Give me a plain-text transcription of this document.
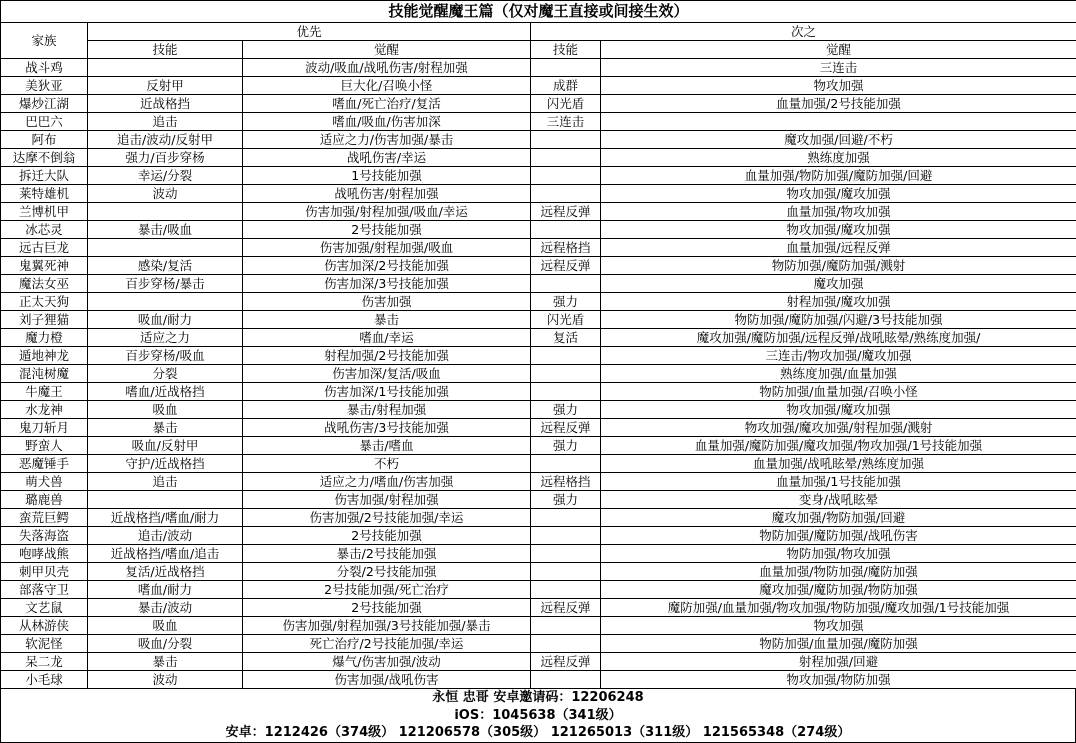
技能觉醒魔王篇（仅对魔王直接或间接生效）				
家族	优先		次之	
	技能	觉醒	技能	觉醒
战斗鸡		波动/吸血/战吼伤害/射程加强		三连击
美狄亚	反射甲	巨大化/召唤小怪	成群	物攻加强
爆炒江湖	近战格挡	嗜血/死亡治疗/复活	闪光盾	血量加强/2号技能加强
巴巴六	追击	嗜血/吸血/伤害加深	三连击	
阿布	追击/波动/反射甲	适应之力/伤害加强/暴击		魔攻加强/回避/不朽
达摩不倒翁	强力/百步穿杨	战吼伤害/幸运		熟练度加强
拆迁大队	幸运/分裂	1号技能加强		血量加强/物防加强/魔防加强/回避
莱特雄机	波动	战吼伤害/射程加强		物攻加强/魔攻加强
兰博机甲		伤害加强/射程加强/吸血/幸运	远程反弹	血量加强/物攻加强
冰芯灵	暴击/吸血	2号技能加强		物攻加强/魔攻加强
远古巨龙		伤害加强/射程加强/吸血	远程格挡	血量加强/远程反弹
鬼翼死神	感染/复活	伤害加深/2号技能加强	远程反弹	物防加强/魔防加强/溅射
魔法女巫	百步穿杨/暴击	伤害加深/3号技能加强		魔攻加强
正太天狗		伤害加强	强力	射程加强/魔攻加强
刘子狸猫	吸血/耐力	暴击	闪光盾	物防加强/魔防加强/闪避/3号技能加强
魔力橙	适应之力	嗜血/幸运	复活	魔攻加强/魔防加强/远程反弹/战吼眩晕/熟练度加强/
遁地神龙	百步穿杨/吸血	射程加强/2号技能加强		三连击/物攻加强/魔攻加强
混沌树魔	分裂	伤害加深/复活/吸血		熟练度加强/血量加强
牛魔王	嗜血/近战格挡	伤害加深/1号技能加强		物防加强/血量加强/召唤小怪
水龙神	吸血	暴击/射程加强	强力	物攻加强/魔攻加强
鬼刀斩月	暴击	战吼伤害/3号技能加强	远程反弹	物攻加强/魔攻加强/射程加强/溅射
野蛮人	吸血/反射甲	暴击/嗜血	强力	血量加强/魔防加强/魔攻加强/物攻加强/1号技能加强
恶魔锤手	守护/近战格挡	不朽		血量加强/战吼眩晕/熟练度加强
萌犬兽	追击	适应之力/嗜血/伤害加强	远程格挡	血量加强/1号技能加强
璐鹿兽		伤害加强/射程加强	强力	变身/战吼眩晕
蛮荒巨鳄	近战格挡/嗜血/耐力	伤害加强/2号技能加强/幸运		魔攻加强/物防加强/回避
失落海盗	追击/波动	2号技能加强		物防加强/魔防加强/战吼伤害
咆哮战熊	近战格挡/嗜血/追击	暴击/2号技能加强		物防加强/物攻加强
刺甲贝壳	复活/近战格挡	分裂/2号技能加强		血量加强/物防加强/魔防加强
部落守卫	嗜血/耐力	2号技能加强/死亡治疗		魔攻加强/魔防加强/物防加强
文艺鼠	暴击/波动	2号技能加强	远程反弹	魔防加强/血量加强/物攻加强/物防加强/魔攻加强/1号技能加强
从林游侠	吸血	伤害加强/射程加强/3号技能加强/暴击		物攻加强
软泥怪	吸血/分裂	死亡治疗/2号技能加强/幸运		物防加强/血量加强/魔防加强
呆二龙	暴击	爆气/伤害加强/波动	远程反弹	射程加强/回避
小毛球	波动	伤害加强/战吼伤害		物攻加强/物防加强
永恒 忠哥 安卓邀请码：12206248
iOS：1045638（341级）
安卓：1212426（374级） 121206578（305级） 121265013（311级） 121565348（274级）
